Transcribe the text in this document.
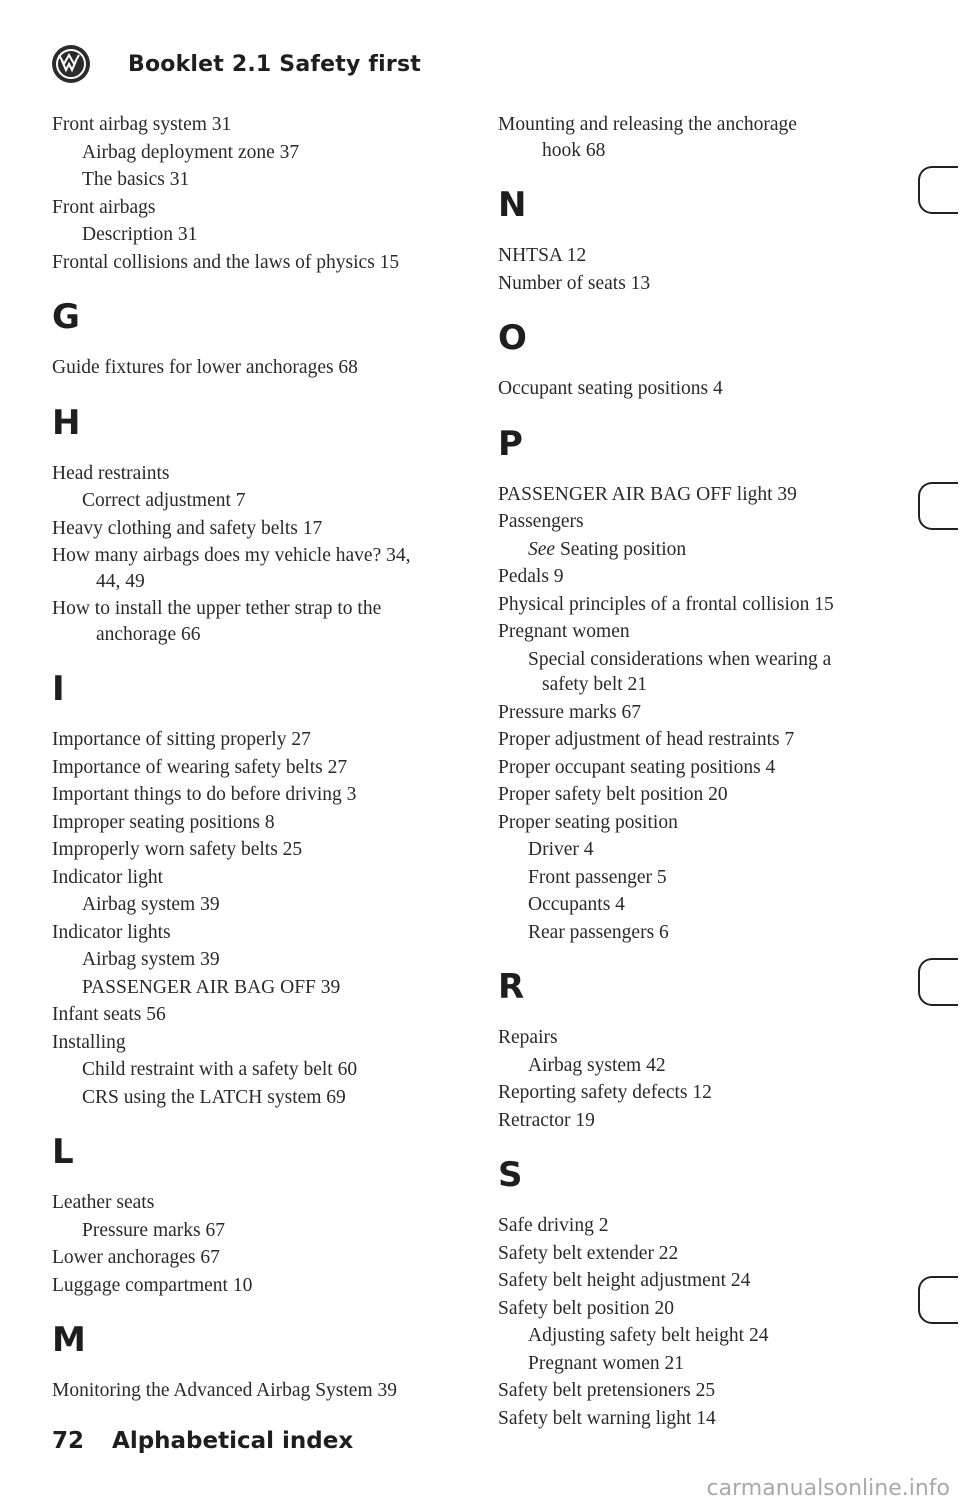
Booklet 2.1 Safety first
Front airbag system 31
Airbag deployment zone 37
The basics 31
Front airbags
Description 31
Frontal collisions and the laws of physics 15
G
Guide fixtures for lower anchorages 68
H
Head restraints
Correct adjustment 7
Heavy clothing and safety belts 17
How many airbags does my vehicle have? 34,
44, 49
How to install the upper tether strap to the
anchorage 66
I
Importance of sitting properly 27
Importance of wearing safety belts 27
Important things to do before driving 3
Improper seating positions 8
Improperly worn safety belts 25
Indicator light
Airbag system 39
Indicator lights
Airbag system 39
PASSENGER AIR BAG OFF 39
Infant seats 56
Installing
Child restraint with a safety belt 60
CRS using the LATCH system 69
L
Leather seats
Pressure marks 67
Lower anchorages 67
Luggage compartment 10
M
Monitoring the Advanced Airbag System 39
Mounting and releasing the anchorage
hook 68
N
NHTSA 12
Number of seats 13
O
Occupant seating positions 4
P
PASSENGER AIR BAG OFF light 39
Passengers
See Seating position
Pedals 9
Physical principles of a frontal collision 15
Pregnant women
Special considerations when wearing a
safety belt 21
Pressure marks 67
Proper adjustment of head restraints 7
Proper occupant seating positions 4
Proper safety belt position 20
Proper seating position
Driver 4
Front passenger 5
Occupants 4
Rear passengers 6
R
Repairs
Airbag system 42
Reporting safety defects 12
Retractor 19
S
Safe driving 2
Safety belt extender 22
Safety belt height adjustment 24
Safety belt position 20
Adjusting safety belt height 24
Pregnant women 21
Safety belt pretensioners 25
Safety belt warning light 14
72 Alphabetical index
carmanualsonline.info
